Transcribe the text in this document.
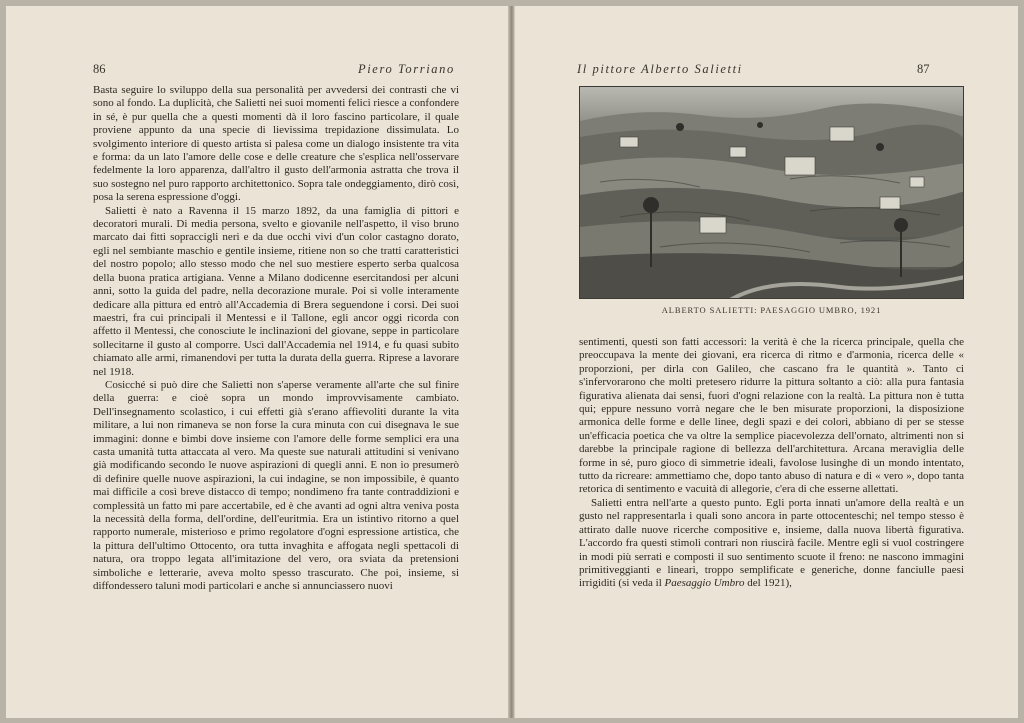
86	Piero Torriano

Basta seguire lo sviluppo della sua personalità per avvedersi dei contrasti che vi sono al fondo. La duplicità, che Salietti nei suoi momenti felici riesce a confondere in sé, è pur quella che a questi momenti dà il loro fascino particolare, il quale proviene appunto da una specie di lievissima trepidazione dissimulata. Lo svolgimento interiore di questo artista si palesa come un dialogo insistente tra vita e forma: da un lato l'amore delle cose e delle creature che s'esplica nell'osservare fedelmente la loro apparenza, dall'altro il gusto dell'armonia astratta che trova il suo sostegno nel puro rapporto architettonico. Sopra tale ondeggiamento, dirò così, posa la serena espressione d'oggi.

Salietti è nato a Ravenna il 15 marzo 1892, da una famiglia di pittori e decoratori murali. Di media persona, svelto e giovanile nell'aspetto, il viso bruno marcato dai fitti sopraccigli neri e da due occhi vivi d'un color castagno dorato, egli nel sembiante maschio e gentile insieme, ritiene non so che tratti caratteristici del nostro popolo; allo stesso modo che nel suo mestiere esperto serba qualcosa della buona pratica artigiana. Venne a Milano dodicenne esercitandosi per alcuni anni, sotto la guida del padre, nella decorazione murale. Poi si volle interamente dedicare alla pittura ed entrò all'Accademia di Brera seguendone i corsi. Dei suoi maestri, fra cui principali il Mentessi e il Tallone, egli ancor oggi ricorda con affetto il Mentessi, che conosciute le inclinazioni del giovane, seppe in particolare sollecitarne il gusto al comporre. Uscì dall'Accademia nel 1914, e fu quasi subito chiamato alle armi, rimanendovi per tutta la durata della guerra. Riprese a lavorare nel 1918.

Cosicché si può dire che Salietti non s'aperse veramente all'arte che sul finire della guerra: e cioè sopra un mondo improvvisamente cambiato. Dell'insegnamento scolastico, i cui effetti già s'erano affievoliti durante la vita militare, a lui non rimaneva se non forse la cura minuta con cui disegnava le sue immagini: donne e bimbi dove insieme con l'amore delle forme semplici era una casta umanità tutta attaccata al vero. Ma queste sue naturali attitudini si venivano già modificando secondo le nuove aspirazioni di quegli anni. E non io presumerò di definire quelle nuove aspirazioni, la cui indagine, se non impossibile, è quanto mai difficile a così breve distacco di tempo; nondimeno fra tante contraddizioni e complessità un fatto mi pare accertabile, ed è che avanti ad ogni altra veniva posta la necessità della forma, dell'ordine, dell'euritmia. Era un istintivo ritorno a quel rapporto numerale, misterioso e primo regolatore d'ogni espressione artistica, che la pittura dell'ultimo Ottocento, ora tutta invaghita e affogata negli spettacoli di natura, ora troppo legata all'imitazione del vero, ora sviata da pretensioni simboliche e letterarie, aveva molto spesso trascurato. Che poi, insieme, si diffondessero taluni modi particolari e anche si annunciassero nuovi

Il pittore Alberto Salietti	87
ALBERTO SALIETTI: PAESAGGIO UMBRO, 1921

sentimenti, questi son fatti accessori: la verità è che la ricerca principale, quella che preoccupava la mente dei giovani, era ricerca di ritmo e d'armonia, ricerca delle « proporzioni, per dirla con Galileo, che cascano fra le quantità ». Tanto ci s'infervorarono che molti pretesero ridurre la pittura soltanto a ciò: alla pura fantasia figurativa alienata dai sensi, fuori d'ogni relazione con la realtà. La pittura non è tutta qui; eppure nessuno vorrà negare che le ben misurate proporzioni, la disposizione armonica delle forme e delle linee, degli spazi e dei colori, abbiano di per se stesse un'efficacia poetica che va oltre la semplice piacevolezza dell'ornato, altrimenti non si darebbe la principale ragione di bellezza dell'architettura. Arcana meraviglia delle forme in sé, puro gioco di simmetrie ideali, favolose lusinghe di un mondo intentato, tutto da ricreare: ammettiamo che, dopo tanto abuso di natura e di « vero », dopo tanta retorica di sentimento e vacuità di allegorie, c'era di che esserne allettati.

Salietti entra nell'arte a questo punto. Egli porta innati un'amore della realtà e un gusto nel rappresentarla i quali sono ancora in parte ottocenteschi; nel tempo stesso è attirato dalle nuove ricerche compositive e, insieme, dalla nuova libertà figurativa. L'accordo fra questi stimoli contrari non riuscirà facile. Mentre egli si vuol costringere in modi più serrati e composti il suo sentimento scuote il freno: ne nascono immagini primitiveggianti e lineari, troppo semplificate e generiche, donne fanciulle paesi irrigiditi (si veda il Paesaggio Umbro del 1921),
